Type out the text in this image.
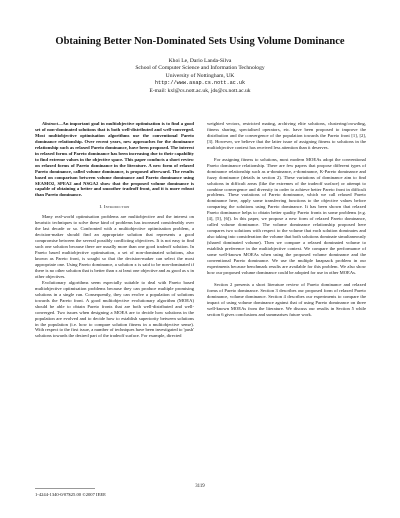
Obtaining Better Non-Dominated Sets Using Volume Dominance
Khoi Le, Dario Landa-Silva
School of Computer Science and Information Technology
University of Nottingham, UK
http://www.asap.cs.nott.ac.uk
E-mail: kxl@cs.nott.ac.uk, jds@cs.nott.ac.uk

Abstract—An important goal in multiobjective optimisation is to find a good set of non-dominated solutions that is both well-distributed and well-converged. Most multiobjective optimisation algorithms use the conventional Pareto dominance relationship. Over recent years, new approaches for the dominance relationship such as relaxed Pareto dominance, have been proposed. The interest in relaxed forms of Pareto dominance has been increasing due to their capability to find extreme values in the objective space. This paper conducts a short review on relaxed forms of Pareto dominance in the literature. A new form of relaxed Pareto dominance, called volume dominance, is proposed afterward. The results based on comparison between volume dominance and Pareto dominance using SEAMO2, SPEA2 and NSGA2 show that the proposed volume dominance is capable of obtaining a better and smoother tradeoff front, and it is more robust than Pareto dominance.

I. Introduction

Many real-world optimisation problems are multiobjective and the interest on heuristic techniques to solve these kind of problems has increased considerably over the last decade or so. Confronted with a multiobjective optimisation problem, a decision-maker should find an appropriate solution that represents a good compromise between the several possibly conflicting objectives. It is not easy to find such one solution because there are usually more than one good tradeoff solution. In Pareto based multiobjective optimisation, a set of non-dominated solutions, also known as Pareto front, is sought so that the decision-maker can select the most appropriate one. Using Pareto dominance, a solution x is said to be non-dominated if there is no other solution that is better than x at least one objective and as good as x in other objectives.

Evolutionary algorithms seem especially suitable to deal with Pareto based multiobjective optimisation problems because they can produce multiple promising solutions in a single run. Consequently, they can evolve a population of solutions towards the Pareto front. A good multiobjective evolutionary algorithm (MOEA) should be able to obtain Pareto fronts that are both well-distributed and well-converged. Two issues when designing a MOEA are to decide how solutions in the population are evolved and to decide how to establish superiority between solutions in the population (i.e. how to compare solution fitness in a multiobjective sense). With respect to the first issue, a number of techniques have been investigated to 'push' solutions towards the desired part of the tradeoff surface. For example, directed

weighted vectors, restricted mating, archiving elite solutions, clustering/crowding, fitness sharing, specialised operators, etc. have been proposed to improve the distribution and the convergence of the population towards the Pareto front [1], [2], [3]. However, we believe that the latter issue of assigning fitness to solutions in the multiobjective context has received less attention than it deserves.

For assigning fitness to solutions, most modern MOEAs adopt the conventional Pareto dominance relationship. There are few papers that propose different types of dominance relationship such as α-dominance, ε-dominance, K-Pareto dominance and fuzzy dominance (details in section 2). These variations of dominance aim to find solutions in difficult areas (like the extremes of the tradeoff surface) or attempt to combine convergence and diversity in order to achieve better Pareto front in difficult problems. These variations of Pareto dominance, which we call relaxed Pareto dominance here, apply some transferring functions to the objective values before comparing the solutions using Pareto dominance. It has been shown that relaxed Pareto dominance helps to obtain better quality Pareto fronts in some problems (e.g. [4], [5], [6]). In this paper, we propose a new form of relaxed Pareto dominance, called volume dominance. The volume dominance relationship proposed here compares two solutions with respect to the volume that each solution dominates and also taking into consideration the volume that both solutions dominate simultaneously (shared dominated volume). Then we compare a relaxed dominated volume to establish preference in the multiobjective context. We compare the performance of some well-known MOEAs when using the proposed volume dominance and the conventional Pareto dominance. We use the multiple knapsack problem in our experiments because benchmark results are available for this problem. We also show how our proposed volume dominance could be adopted for use in other MOEAs.

Section 2 presents a short literature review of Pareto dominance and relaxed forms of Pareto dominance. Section 3 describes our proposed form of relaxed Pareto dominance, volume dominance. Section 4 describes our experiments to compare the impact of using volume dominance against that of using Pareto dominance on three well-known MOEAs from the literature. We discuss our results in Section 5 while section 6 gives conclusions and summarises future work.

3119
1-4244-1340-0/07$25.00 ©2007 IEEE
